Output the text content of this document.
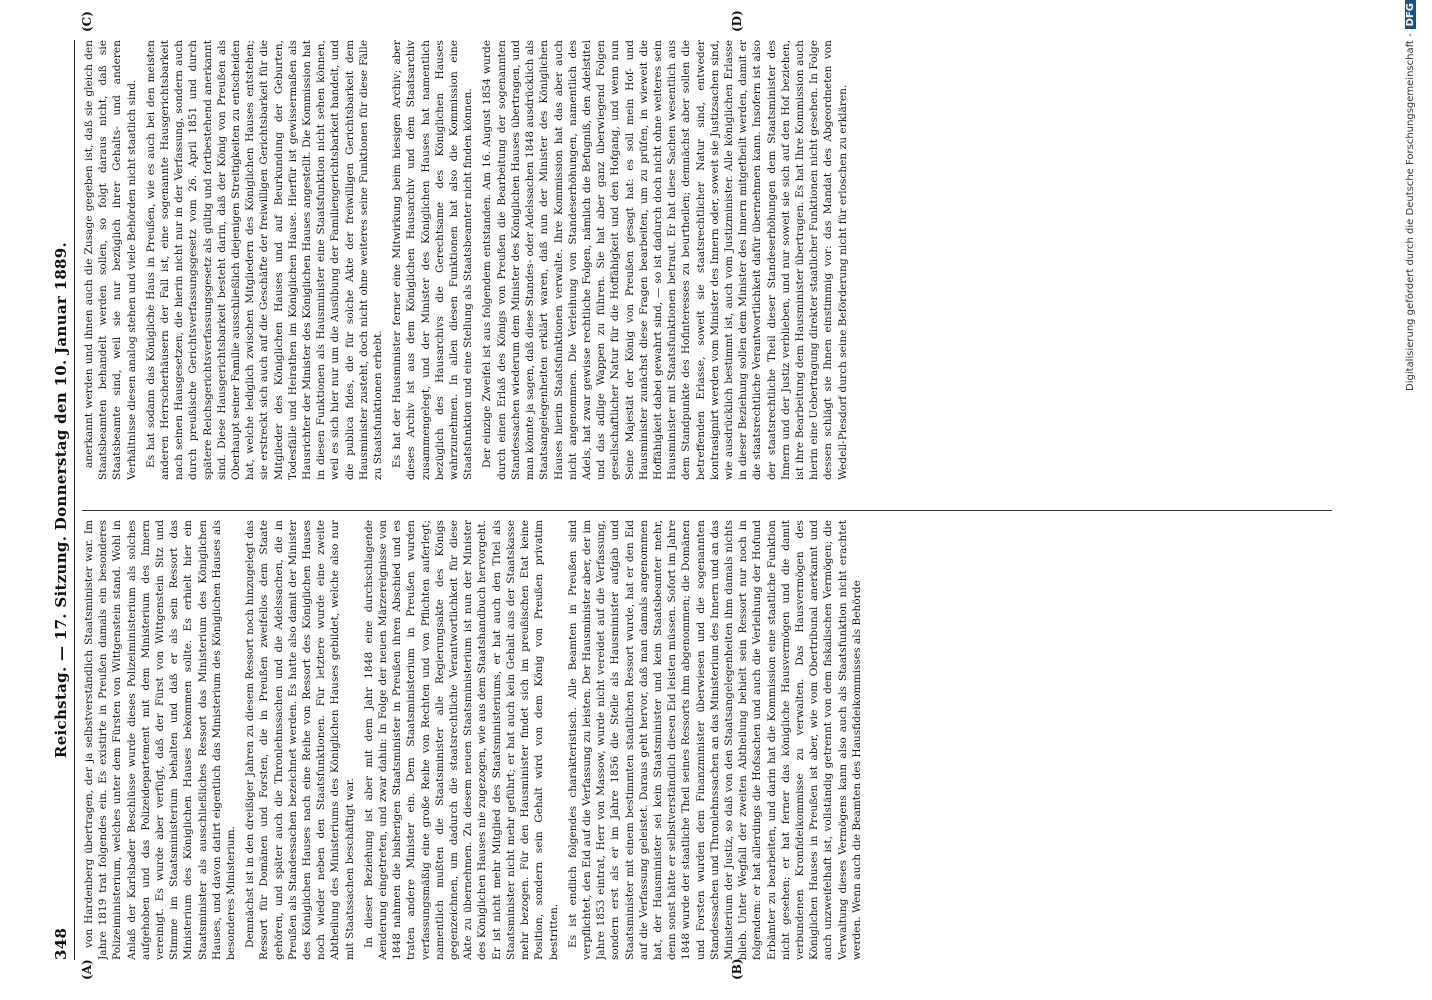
348
Reichstag. — 17. Sitzung. Donnerstag den 10. Januar 1889.
(A)	(B)
(C)	(D)

von Hardenberg übertragen, der ja selbstverständlich Staatsminister war. Im Jahre 1819 trat folgendes ein. Es existirte in Preußen damals ein besonderes Polizeiministerium, welches unter dem Fürsten von Wittgenstein stand. Wohl in Anlaß der Karlsbader Beschlüsse wurde dieses Polizeiministerium als solches aufgehoben und das Polizeidepartement mit dem Ministerium des Innern vereinigt. Es wurde aber verfügt, daß der Fürst von Wittgenstein Sitz und Stimme im Staatsministerium behalten und daß er als sein Ressort das Ministerium des Königlichen Hauses bekommen sollte. Es erhielt hier ein Staatsminister als ausschließliches Ressort das Ministerium des Königlichen Hauses, und davon datirt eigentlich das Ministerium des Königlichen Hauses als besonderes Ministerium. Demnächst ist in den dreißiger Jahren zu diesem Ressort noch hinzugelegt das Ressort für Domänen und Forsten, die in Preußen zweifellos dem Staate gehören, und später auch die Thronlehnssachen und die Adelssachen, die in Preußen als Standessachen bezeichnet werden. Es hatte also damit der Minister des Königlichen Hauses nach eine Reihe von Ressort des Königlichen Hauses noch wieder neben den Staatsfunktionen. Für letztere wurde eine zweite Abtheilung des Ministeriums des Königlichen Hauses gebildet, welche also nur mit Staatssachen beschäftigt war. In dieser Beziehung ist aber mit dem Jahr 1848 eine durchschlagende Aenderung eingetreten, und zwar dahin: In Folge der neuen Märzereignisse von 1848 nahmen die bisherigen Staatsminister in Preußen ihren Abschied und es traten andere Minister ein. Dem Staatsministerium in Preußen wurden verfassungsmäßig eine große Reihe von Rechten und von Pflichten auferlegt; namentlich mußten die Staatsminister alle Regierungsakte des Königs gegenzeichnen, um dadurch die staatsrechtliche Verantwortlichkeit für diese Akte zu übernehmen. Zu diesem neuen Staatsministerium ist nun der Minister des Königlichen Hauses nie zugezogen, wie aus dem Staatshandbuch hervorgeht. Er ist nicht mehr Mitglied des Staatsministeriums, er hat auch den Titel als Staatsminister nicht mehr geführt; er hat auch kein Gehalt aus der Staatskasse mehr bezogen. Für den Hausminister findet sich im preußischen Etat keine Position, sondern sein Gehalt wird von dem König von Preußen privatim bestritten. Es ist endlich folgendes charakteristisch. Alle Beamten in Preußen sind verpflichtet, den Eid auf die Verfassung zu leisten. Der Hausminister aber, der im Jahre 1853 eintrat, Herr von Massow, wurde nicht vereidet auf die Verfassung, sondern erst als er im Jahre 1856 die Stelle als Hausminister aufgab und Staatsminister mit einem bestimmten staatlichen Ressort wurde, hat er den Eid auf die Verfassung geleistet. Daraus geht hervor, daß man damals angenommen hat, der Hausminister sei kein Staatsminister und kein Staatsbeamter mehr, denn sonst hätte er selbstverständlich diesen Eid leisten müssen. Sofort im Jahre 1848 wurde der staatliche Theil seines Ressorts ihm abgenommen; die Domänen und Forsten wurden dem Finanzminister überwiesen und die sogenannten Standessachen und Thronlehnssachen an das Ministerium des Innern und an das Ministerium der Justiz, so daß von den Staatsangelegenheiten ihm damals nichts blieb. Unter Wegfall der zweiten Abtheilung behielt sein Ressort nur noch in folgendem: er hat allerdings die Hofsachen und auch die Verleihung der Hofund Erbämter zu bearbeiten, und darin hat die Kommission eine staatliche Funktion nicht gesehen; er hat ferner das königliche Hausvermögen und die damit verbundenen Kronfideikommisse zu verwalten. Das Hausvermögen des Königlichen Hauses in Preußen ist aber, wie vom Obertribunal anerkannt und auch unzweifelhaft ist, vollständig getrennt von dem fiskalischen Vermögen; die Verwaltung dieses Vermögens kann also auch als Staatsfunktion nicht erachtet werden. Wenn auch die Beamten des Hausfideikommisses als Behörde

anerkannt werden und ihnen auch die Zusage gegeben ist, daß sie gleich den Staatsbeamten behandelt werden sollen, so folgt daraus nicht, daß sie Staatsbeamte sind, weil sie nur bezüglich ihrer Gehalts- und anderen Verhältnisse diesen analog stehen und viele Behörden nicht staatlich sind. Es hat sodann das Königliche Haus in Preußen, wie es auch bei den meisten anderen Herrscherhäusern der Fall ist, eine sogenannte Hausgerichtsbarkeit nach seinen Hausgesetzen, die hierin nicht nur in der Verfassung, sondern auch durch preußische Gerichtsverfassungsgesetz vom 26. April 1851 und durch spätere Reichsgerichtsverfassungsgesetz als gültig und fortbestehend anerkannt sind. Diese Hausgerichtsbarkeit besteht darin, daß der König von Preußen als Oberhaupt seiner Familie ausschließlich diejenigen Streitigkeiten zu entscheiden hat, welche lediglich zwischen Mitgliedern des Königlichen Hauses entstehen; sie erstreckt sich auch auf die Geschäfte der freiwilligen Gerichtsbarkeit für die Mitglieder des Königlichen Hauses und auf Beurkundung der Geburten, Todesfälle und Heirathen im Königlichen Hause. Hierfür ist gewissermaßen als Hausrichter der Minister des Königlichen Hauses angestellt. Die Kommission hat in diesen Funktionen als Hausminister eine Staatsfunktion nicht sehen können, weil es sich hier nur um die Ausübung der Familiengerichtsbarkeit handelt, und die publica fides, die für solche Akte der freiwilligen Gerichtsbarkeit dem Hausminister zusteht, doch nicht ohne weiteres seine Funktionen für diese Fälle zu Staatsfunktionen erhebt. Es hat der Hausminister ferner eine Mitwirkung beim hiesigen Archiv; aber dieses Archiv ist aus dem Königlichen Hausarchiv und dem Staatsarchiv zusammengelegt, und der Minister des Königlichen Hauses hat namentlich bezüglich des Hausarchivs die Gerechtsame des Königlichen Hauses wahrzunehmen. In allen diesen Funktionen hat also die Kommission eine Staatsfunktion und eine Stellung als Staatsbeamter nicht finden können. Der einzige Zweifel ist aus folgendem entstanden. Am 16. August 1854 wurde durch einen Erlaß des Königs von Preußen die Bearbeitung der sogenannten Standessachen wiederum dem Minister des Königlichen Hauses übertragen, und man könnte ja sagen, daß diese Standes- oder Adelssachen 1848 ausdrücklich als Staatsangelegenheiten erklärt waren, daß nun der Minister des Königlichen Hauses hierin Staatsfunktionen verwalte. Ihre Kommission hat das aber auch nicht angenommen. Die Verleihung von Standeserhöhungen, namentlich des Adels, hat zwar gewisse rechtliche Folgen, nämlich die Befugniß, den Adelstitel und das adlige Wappen zu führen. Sie hat aber ganz überwiegend Folgen gesellschaftlicher Natur für die Hoffähigkeit und den Hofgang, und wenn nun Seine Majestät der König von Preußen gesagt hat: es soll mein Hof- und Hausminister zunächst diese Fragen bearbeiten, um zu prüfen, in wieweit die Hoffähigkeit dabei gewahrt sind, — so ist dadurch doch nicht ohne weiteres sein Hausminister mit Staatsfunktionen betraut. Er hat diese Sachen wesentlich aus dem Standpunkte des Hofinteresses zu beurtheilen; demnächst aber sollen die betreffenden Erlasse, soweit sie staatsrechtlicher Natur sind, entweder kontrasignirt werden vom Minister des Innern oder, soweit sie Justizsachen sind, wie ausdrücklich bestimmt ist, auch vom Justizminister. Alle königlichen Erlasse in dieser Beziehung sollen dem Minister des Innern mitgetheilt werden, damit er die staatsrechtliche Verantwortlichkeit dafür übernehmen kann. Insofern ist also der staatsrechtliche Theil dieser Standeserhöhungen dem Staatsminister des Innern und der Justiz verblieben, und nur soweit sie sich auf den Hof beziehen, ist ihre Bearbeitung dem Hausminister übertragen. Es hat Ihre Kommission auch hierin eine Uebertragung direkter staatlicher Funktionen nicht gesehen. In Folge dessen schlägt sie Ihnen einstimmig vor: das Mandat des Abgeordneten von Wedell-Piesdorf durch seine Beförderung nicht für erloschen zu erklären.	Digitalisierung gefördert durch die Deutsche Forschungsgemeinschaft -DFG
